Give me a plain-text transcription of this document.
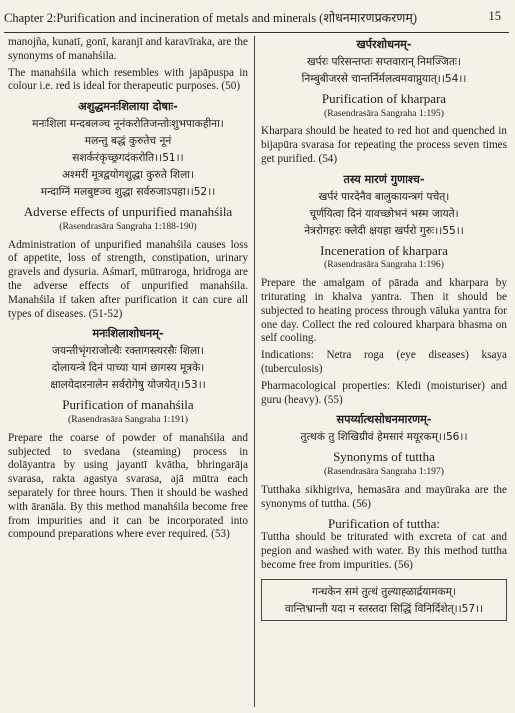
Chapter 2:Purification and incineration of metals and minerals (शोधनमारणप्रकरणम्)	15

manojña, kunatī, gonī, karanjī and karavīraka, are the synonyms of manahśila.

The manahśila which resembles with japāpuspa in colour i.e. red is ideal for therapeutic purposes. (50)

अशुद्धमनःशिलाया दोषाः-

मनःशिला मन्दबलञ्च नूनंकरोतिजन्तोःशुभपाकहीना।

मलन्तु बद्धं कुरुतेच नूनं

सशर्करंकृच्छ्रगदंकरोति।।51।।

अश्मरीं मूत्रद्वयोगशुद्धा कुरुते शिला।

मन्दाग्निं मलबुष्टञ्च शुद्धा सर्वरुजाऽपहा।।52।।

Adverse effects of unpurified manahśila
(Rasendrasāra Sangraha 1:188-190)

Administration of unpurified manahśila causes loss of appetite, loss of strength, constipation, urinary gravels and dysuria. Aśmarī, mūtraroga, hridroga are the adverse effects of unpurified manahśila. Manahśila if taken after purification it can cure all types of diseases. (51-52)

मनःशिलाशोधनम्-

जयन्तीभृंगराजोत्थैः रक्तागस्त्यरसैः शिला।

दोलायन्त्रे दिनं पाच्या यामं छागस्य मूत्रके।

क्षालयेदारनालेन सर्वरोगेषु योजयेत्।।53।।

Purification of manahśila
(Rasendrasāra Sangraha 1:191)

Prepare the coarse of powder of manahśila and subjected to svedana (steaming) process in dolāyantra by using jayantī kvātha, bhringarāja svarasa, rakta agastya svarasa, ajā mūtra each separately for three hours. Then it should be washed with āranāla. By this method manahśila become free from impurities and it can be incorporated into compound preparations where ever required. (53)

खर्परशोधनम्-

खर्परः परिसन्तप्तः सप्तवारान् निमज्जितः।

निम्बुबीजरसे चान्तर्निर्मलत्वमवाप्नुयात्।।54।।

Purification of kharpara
(Rasendrasāra Sangraha 1:195)

Kharpara should be heated to red hot and quenched in bijapūra svarasa for repeating the process seven times get purified. (54)

तस्य मारणं गुणाश्च-

खर्परं पारदेनैव बालुकायन्त्रगं पचेत्।

चूर्णयित्वा दिनं यावच्छोभनं भस्म जायते।

नेत्ररोगहरः क्लेदी क्षयहा खर्परो गुरुः।।55।।

Inceneration of kharpara
(Rasendrasāra Sangraha 1:196)

Prepare the amalgam of pārada and kharpara by triturating in khalva yantra. Then it should be subjected to heating process through vāluka yantra for one day. Collect the red coloured kharpara bhasma on self cooling.

Indications: Netra roga (eye diseases) ksaya (tuberculosis)

Pharmacological properties: Kledi (moisturiser) and guru (heavy). (55)

सपर्य्यात्थसोधनमारणम्-

तुत्थकं तु शिखिग्रीवं हेमसारं मयूरकम्।।56।।

Synonyms of tuttha
(Rasendrasāra Sangraha 1:197)

Tutthaka sikhigriva, hemasāra and mayūraka are the synonyms of tuttha. (56)

Purification of tuttha:

Tuttha should be triturated with excreta of cat and pegion and washed with water. By this method tuttha become free from impurities. (56)

गन्धकेन समं तुत्थं तुल्याह्ळार्द्रयामकम्।

वान्तिभ्रान्ती यदा न स्तस्तदा सिद्धिं विनिर्दिशेत्।।57।।
